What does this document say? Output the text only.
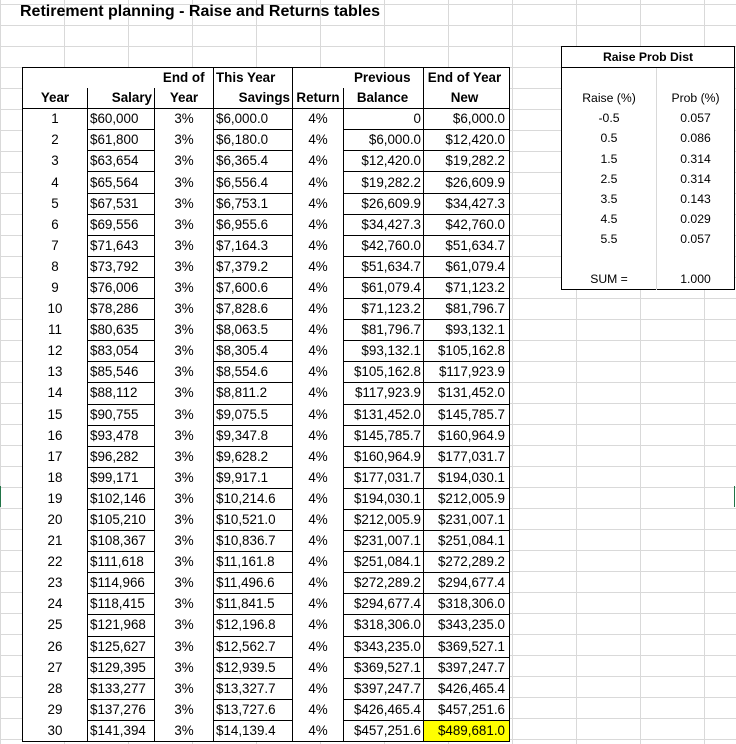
Retirement planning - Raise and Returns tables
		End of	This Year		Previous	End of Year
Year	Salary	Year	Savings	Return	Balance	New
1	$60,000	3%	$6,000.0	4%	0	$6,000.0
2	$61,800	3%	$6,180.0	4%	$6,000.0	$12,420.0
3	$63,654	3%	$6,365.4	4%	$12,420.0	$19,282.2
4	$65,564	3%	$6,556.4	4%	$19,282.2	$26,609.9
5	$67,531	3%	$6,753.1	4%	$26,609.9	$34,427.3
6	$69,556	3%	$6,955.6	4%	$34,427.3	$42,760.0
7	$71,643	3%	$7,164.3	4%	$42,760.0	$51,634.7
8	$73,792	3%	$7,379.2	4%	$51,634.7	$61,079.4
9	$76,006	3%	$7,600.6	4%	$61,079.4	$71,123.2
10	$78,286	3%	$7,828.6	4%	$71,123.2	$81,796.7
11	$80,635	3%	$8,063.5	4%	$81,796.7	$93,132.1
12	$83,054	3%	$8,305.4	4%	$93,132.1	$105,162.8
13	$85,546	3%	$8,554.6	4%	$105,162.8	$117,923.9
14	$88,112	3%	$8,811.2	4%	$117,923.9	$131,452.0
15	$90,755	3%	$9,075.5	4%	$131,452.0	$145,785.7
16	$93,478	3%	$9,347.8	4%	$145,785.7	$160,964.9
17	$96,282	3%	$9,628.2	4%	$160,964.9	$177,031.7
18	$99,171	3%	$9,917.1	4%	$177,031.7	$194,030.1
19	$102,146	3%	$10,214.6	4%	$194,030.1	$212,005.9
20	$105,210	3%	$10,521.0	4%	$212,005.9	$231,007.1
21	$108,367	3%	$10,836.7	4%	$231,007.1	$251,084.1
22	$111,618	3%	$11,161.8	4%	$251,084.1	$272,289.2
23	$114,966	3%	$11,496.6	4%	$272,289.2	$294,677.4
24	$118,415	3%	$11,841.5	4%	$294,677.4	$318,306.0
25	$121,968	3%	$12,196.8	4%	$318,306.0	$343,235.0
26	$125,627	3%	$12,562.7	4%	$343,235.0	$369,527.1
27	$129,395	3%	$12,939.5	4%	$369,527.1	$397,247.7
28	$133,277	3%	$13,327.7	4%	$397,247.7	$426,465.4
29	$137,276	3%	$13,727.6	4%	$426,465.4	$457,251.6
30	$141,394	3%	$14,139.4	4%	$457,251.6	$489,681.0
Raise Prob Dist	

Raise (%)	Prob (%)
-0.5	0.057
0.5	0.086
1.5	0.314
2.5	0.314
3.5	0.143
4.5	0.029
5.5	0.057

SUM =	1.000
